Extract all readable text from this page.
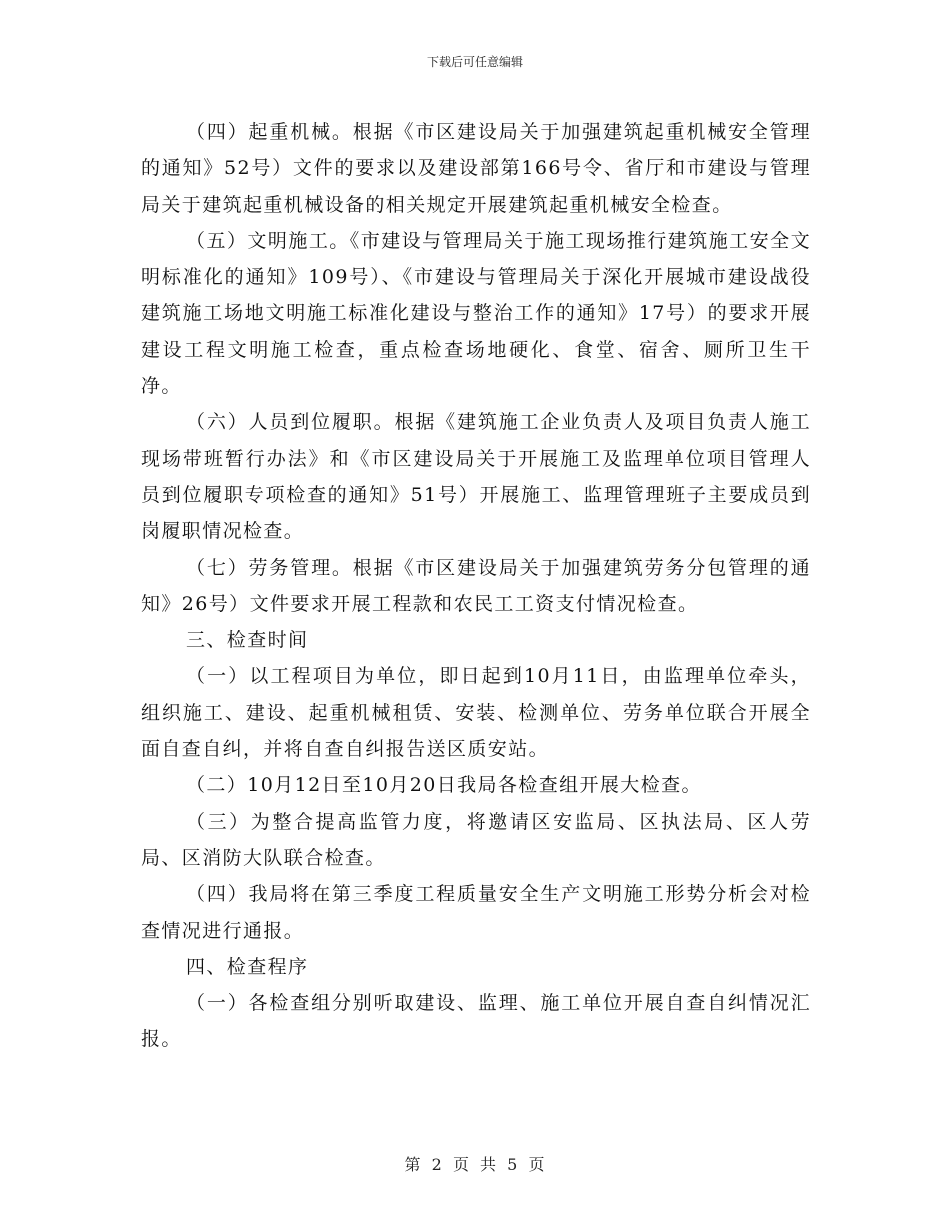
下载后可任意编辑

（四）起重机械。根据《市区建设局关于加强建筑起重机械安全管理的通知》52号）文件的要求以及建设部第166号令、省厅和市建设与管理局关于建筑起重机械设备的相关规定开展建筑起重机械安全检查。

（五）文明施工。《市建设与管理局关于施工现场推行建筑施工安全文明标准化的通知》109号）、《市建设与管理局关于深化开展城市建设战役建筑施工场地文明施工标准化建设与整治工作的通知》17号）的要求开展建设工程文明施工检查，重点检查场地硬化、食堂、宿舍、厕所卫生干净。

（六）人员到位履职。根据《建筑施工企业负责人及项目负责人施工现场带班暂行办法》和《市区建设局关于开展施工及监理单位项目管理人员到位履职专项检查的通知》51号）开展施工、监理管理班子主要成员到岗履职情况检查。

（七）劳务管理。根据《市区建设局关于加强建筑劳务分包管理的通知》26号）文件要求开展工程款和农民工工资支付情况检查。

三、检查时间

（一）以工程项目为单位，即日起到10月11日，由监理单位牵头，组织施工、建设、起重机械租赁、安装、检测单位、劳务单位联合开展全面自查自纠，并将自查自纠报告送区质安站。

（二）10月12日至10月20日我局各检查组开展大检查。

（三）为整合提高监管力度，将邀请区安监局、区执法局、区人劳局、区消防大队联合检查。

（四）我局将在第三季度工程质量安全生产文明施工形势分析会对检查情况进行通报。

四、检查程序

（一）各检查组分别听取建设、监理、施工单位开展自查自纠情况汇报。

第 2 页 共 5 页
